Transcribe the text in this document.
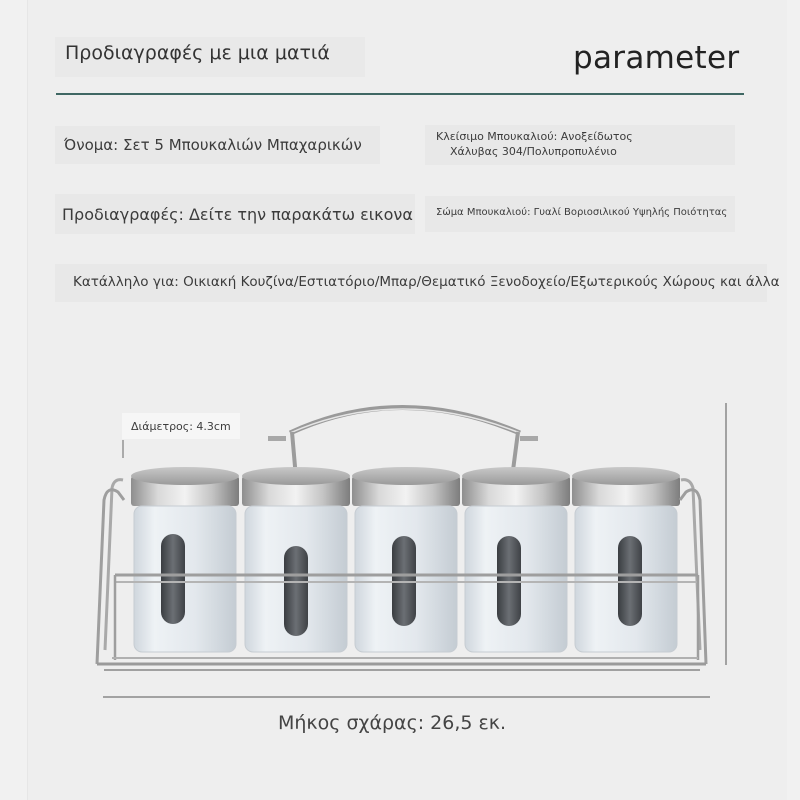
Προδιαγραφές με μια ματιά	parameter
Όνομα: Σετ 5 Μπουκαλιών Μπαχαρικών
Προδιαγραφές: Δείτε την παρακάτω εικονα
Κατάλληλο για: Οικιακή Κουζίνα/Εστιατόριο/Μπαρ/Θεματικό Ξενοδοχείο/Εξωτερικούς Χώρους και άλλα
Κλείσιμο Μπουκαλιού: Ανοξείδωτος
Χάλυβας 304/Πολυπροπυλένιο
Σώμα Μπουκαλιού: Γυαλί Βοριοσιλικού Υψηλής Ποιότητας
Διάμετρος: 4.3cm
Μήκος σχάρας: 26,5 εκ.
